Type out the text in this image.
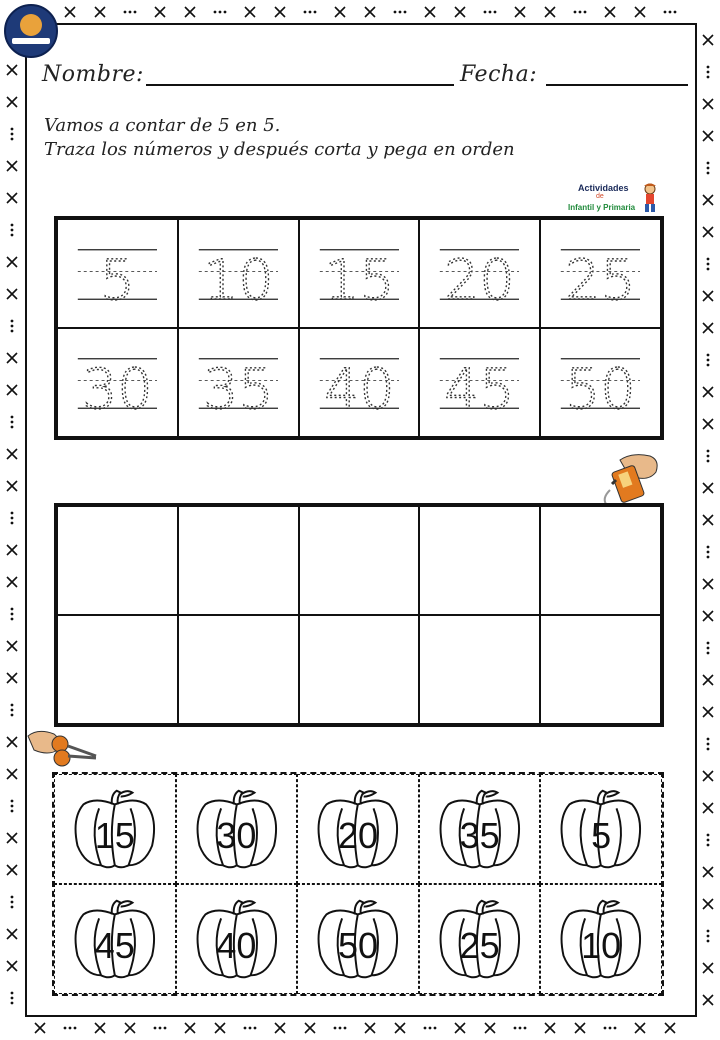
Nombre:	Fecha:
Vamos a contar de 5 en 5.
Traza los números y después corta y pega en orden
Actividades
de
Infantil y Primaria
5 10 15 20 25
30 35 40 45 50
15	30	20	35	5
45	40	50	25	10
